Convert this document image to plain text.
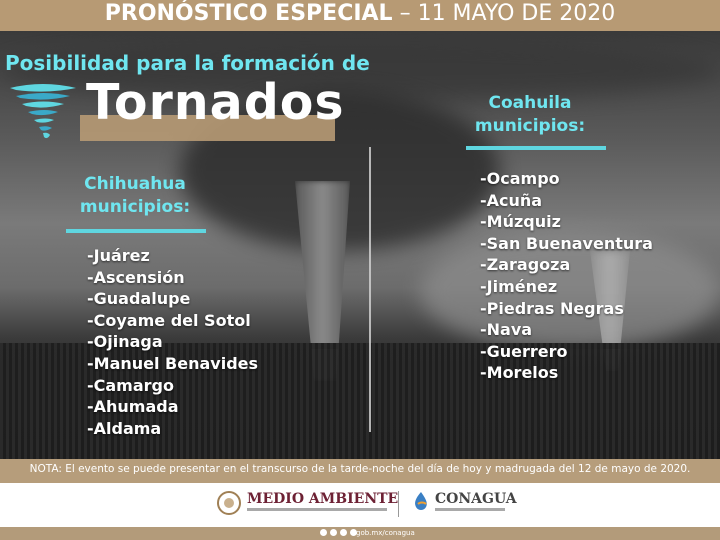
PRONÓSTICO ESPECIAL – 11 MAYO DE 2020
Posibilidad para la formación de
Tornados
Chihuahua
municipios:
-Juárez
-Ascensión
-Guadalupe
-Coyame del Sotol
-Ojinaga
-Manuel Benavides
-Camargo
-Ahumada
-Aldama
Coahuila
municipios:
-Ocampo
-Acuña
-Múzquiz
-San Buenaventura
-Zaragoza
-Jiménez
-Piedras Negras
-Nava
-Guerrero
-Morelos
NOTA: El evento se puede presentar en el transcurso de la tarde-noche del día de hoy y madrugada del 12 de mayo de 2020.
MEDIO AMBIENTE	CONAGUA
gob.mx/conagua
